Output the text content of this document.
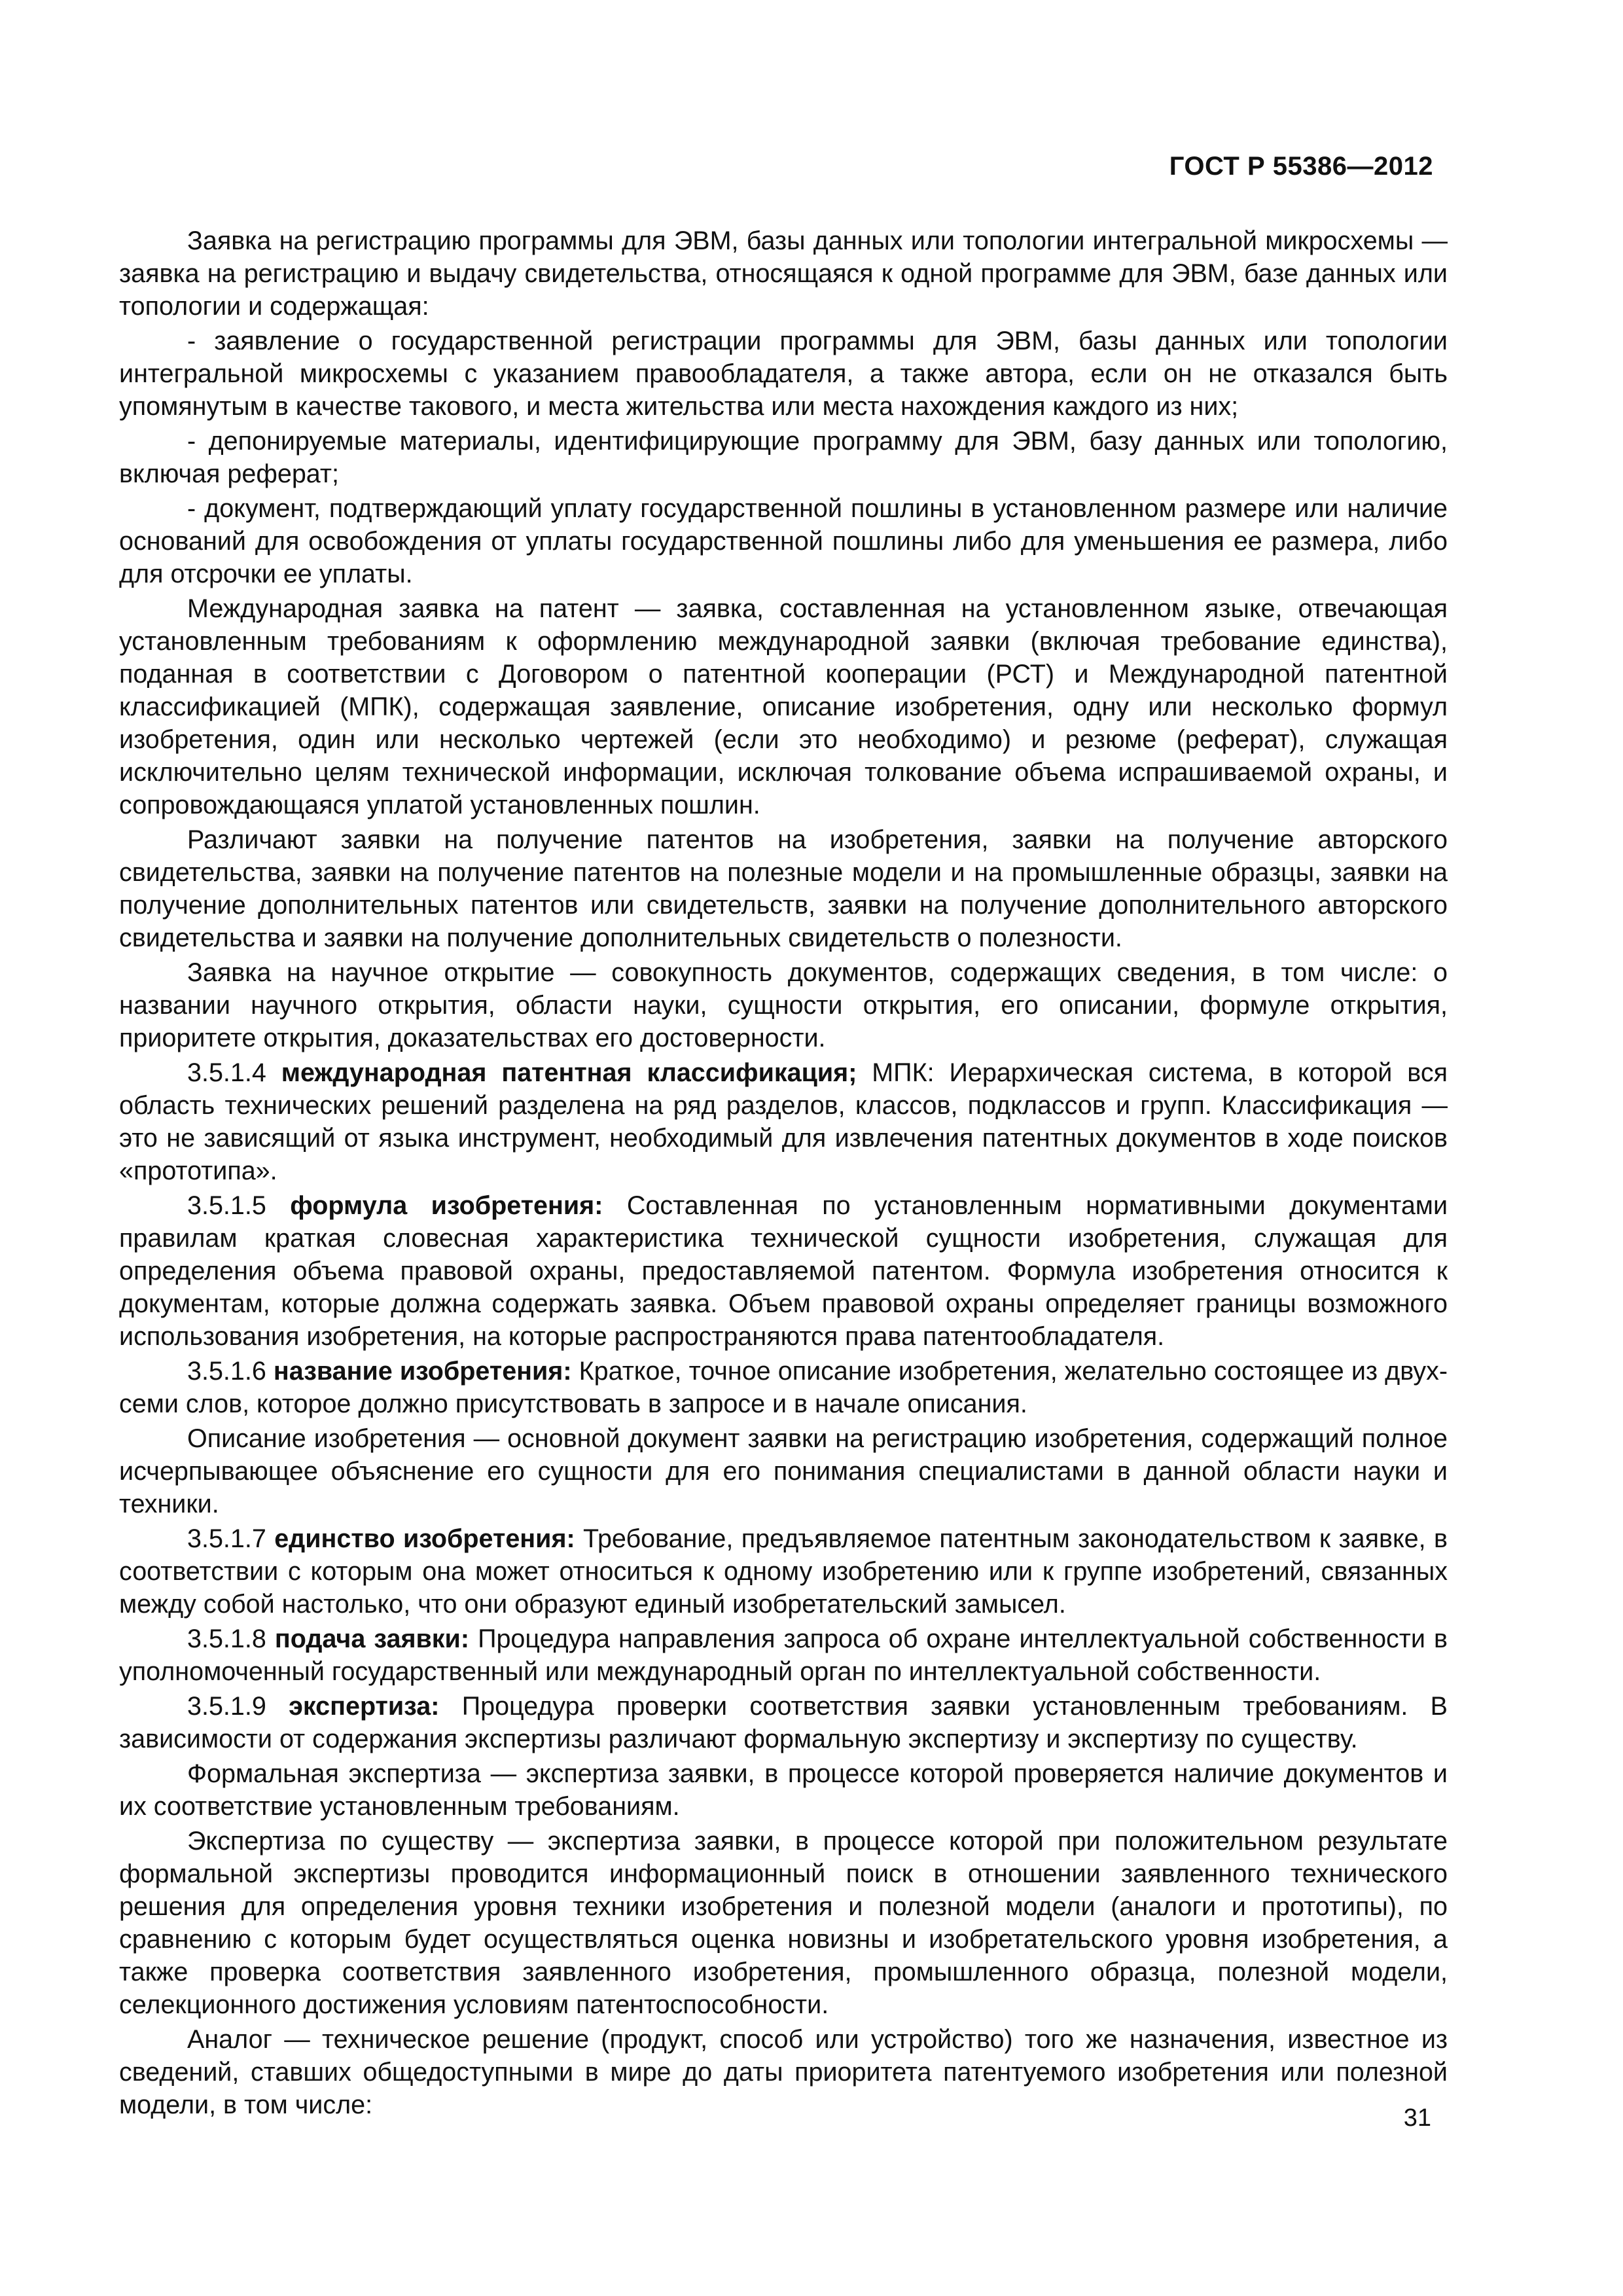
ГОСТ Р 55386—2012

Заявка на регистрацию программы для ЭВМ, базы данных или топологии интегральной микросхемы — заявка на регистрацию и выдачу свидетельства, относящаяся к одной программе для ЭВМ, базе данных или топологии и содержащая:

- заявление о государственной регистрации программы для ЭВМ, базы данных или топологии интегральной микросхемы с указанием правообладателя, а также автора, если он не отказался быть упомянутым в качестве такового, и места жительства или места нахождения каждого из них;

- депонируемые материалы, идентифицирующие программу для ЭВМ, базу данных или топологию, включая реферат;

- документ, подтверждающий уплату государственной пошлины в установленном размере или наличие оснований для освобождения от уплаты государственной пошлины либо для уменьшения ее размера, либо для отсрочки ее уплаты.

Международная заявка на патент — заявка, составленная на установленном языке, отвечающая установленным требованиям к оформлению международной заявки (включая требование единства), поданная в соответствии с Договором о патентной кооперации (РСТ) и Международной патентной классификацией (МПК), содержащая заявление, описание изобретения, одну или несколько формул изобретения, один или несколько чертежей (если это необходимо) и резюме (реферат), служащая исключительно целям технической информации, исключая толкование объема испрашиваемой охраны, и сопровождающаяся уплатой установленных пошлин.

Различают заявки на получение патентов на изобретения, заявки на получение авторского свидетельства, заявки на получение патентов на полезные модели и на промышленные образцы, заявки на получение дополнительных патентов или свидетельств, заявки на получение дополнительного авторского свидетельства и заявки на получение дополнительных свидетельств о полезности.

Заявка на научное открытие — совокупность документов, содержащих сведения, в том числе: о названии научного открытия, области науки, сущности открытия, его описании, формуле открытия, приоритете открытия, доказательствах его достоверности.

3.5.1.4 международная патентная классификация; МПК: Иерархическая система, в которой вся область технических решений разделена на ряд разделов, классов, подклассов и групп. Классификация — это не зависящий от языка инструмент, необходимый для извлечения патентных документов в ходе поисков «прототипа».

3.5.1.5 формула изобретения: Составленная по установленным нормативными документами правилам краткая словесная характеристика технической сущности изобретения, служащая для определения объема правовой охраны, предоставляемой патентом. Формула изобретения относится к документам, которые должна содержать заявка. Объем правовой охраны определяет границы возможного использования изобретения, на которые распространяются права патентообладателя.

3.5.1.6 название изобретения: Краткое, точное описание изобретения, желательно состоящее из двух-семи слов, которое должно присутствовать в запросе и в начале описания.

Описание изобретения — основной документ заявки на регистрацию изобретения, содержащий полное исчерпывающее объяснение его сущности для его понимания специалистами в данной области науки и техники.

3.5.1.7 единство изобретения: Требование, предъявляемое патентным законодательством к заявке, в соответствии с которым она может относиться к одному изобретению или к группе изобретений, связанных между собой настолько, что они образуют единый изобретательский замысел.

3.5.1.8 подача заявки: Процедура направления запроса об охране интеллектуальной собственности в уполномоченный государственный или международный орган по интеллектуальной собственности.

3.5.1.9 экспертиза: Процедура проверки соответствия заявки установленным требованиям. В зависимости от содержания экспертизы различают формальную экспертизу и экспертизу по существу.

Формальная экспертиза — экспертиза заявки, в процессе которой проверяется наличие документов и их соответствие установленным требованиям.

Экспертиза по существу — экспертиза заявки, в процессе которой при положительном результате формальной экспертизы проводится информационный поиск в отношении заявленного технического решения для определения уровня техники изобретения и полезной модели (аналоги и прототипы), по сравнению с которым будет осуществляться оценка новизны и изобретательского уровня изобретения, а также проверка соответствия заявленного изобретения, промышленного образца, полезной модели, селекционного достижения условиям патентоспособности.

Аналог — техническое решение (продукт, способ или устройство) того же назначения, известное из сведений, ставших общедоступными в мире до даты приоритета патентуемого изобретения или полезной модели, в том числе:	31
